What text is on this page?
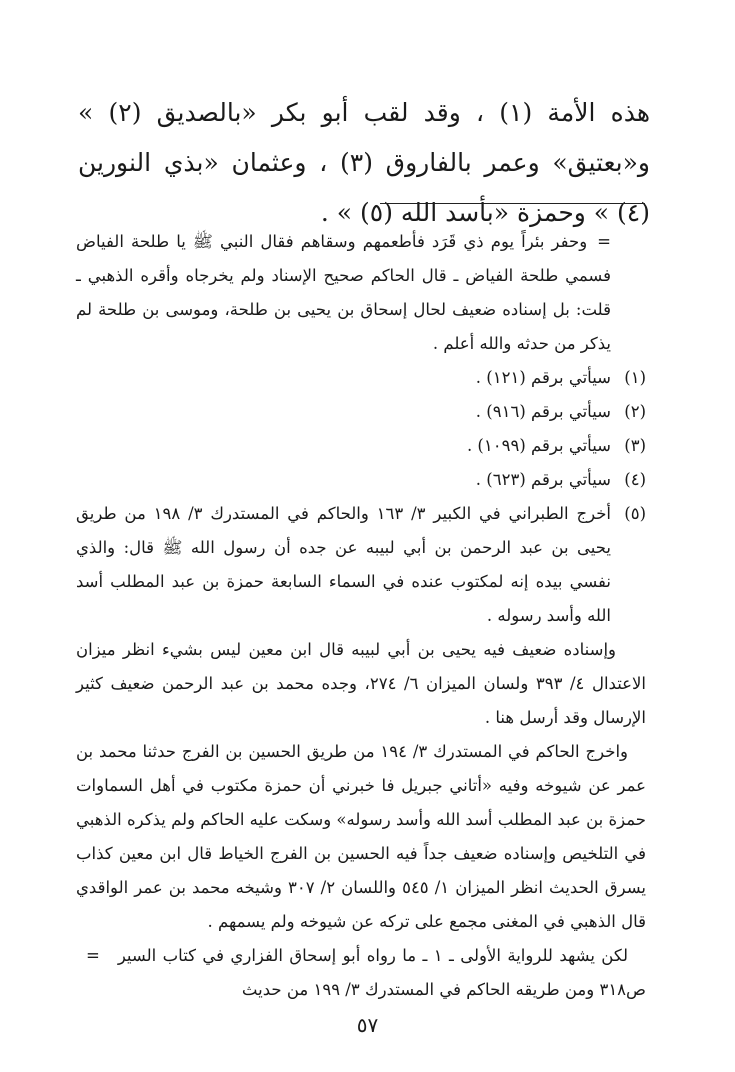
هذه الأمة (١) ، وقد لقب أبو بكر «بالصديق (٢) » و«بعتيق» وعمر بالفاروق (٣) ، وعثمان «بذي النورين (٤) » وحمزة «بأسد الله (٥) » .

=
وحفر بئراً يوم ذي قَرَد فأطعمهم وسقاهم فقال النبي ﷺ يا طلحة الفياض فسمي طلحة الفياض ـ قال الحاكم صحيح الإسناد ولم يخرجاه وأقره الذهبي ـ قلت: بل إسناده ضعيف لحال إسحاق بن يحيى بن طلحة، وموسى بن طلحة لم يذكر من حدثه والله أعلم .

(١)
سيأتي برقم (١٢١) .
(٢)
سيأتي برقم (٩١٦) .
(٣)
سيأتي برقم (١٠٩٩) .
(٤)
سيأتي برقم (٦٢٣) .
(٥)
أخرج الطبراني في الكبير ٣/ ١٦٣ والحاكم في المستدرك ٣/ ١٩٨ من طريق يحيى بن عبد الرحمن بن أبي لبيبه عن جده أن رسول الله ﷺ قال: والذي نفسي بيده إنه لمكتوب عنده في السماء السابعة حمزة بن عبد المطلب أسد الله وأسد رسوله .

وإسناده ضعيف فيه يحيى بن أبي لبيبه قال ابن معين ليس بشيء انظر ميزان الاعتدال ٤/ ٣٩٣ ولسان الميزان ٦/ ٢٧٤، وجده محمد بن عبد الرحمن ضعيف كثير الإرسال وقد أرسل هنا .

واخرج الحاكم في المستدرك ٣/ ١٩٤ من طريق الحسين بن الفرج حدثنا محمد بن عمر عن شيوخه وفيه «أتاني جبريل فا خبرني أن حمزة مكتوب في أهل السماوات حمزة بن عبد المطلب أسد الله وأسد رسوله» وسكت عليه الحاكم ولم يذكره الذهبي في التلخيص وإسناده ضعيف جداً فيه الحسين بن الفرج الخياط قال ابن معين كذاب يسرق الحديث انظر الميزان ١/ ٥٤٥ واللسان ٢/ ٣٠٧ وشيخه محمد بن عمر الواقدي قال الذهبي في المغنى مجمع على تركه عن شيوخه ولم يسمهم .

=	لكن يشهد للرواية الأولى ـ ١ ـ ما رواه أبو إسحاق الفزاري في كتاب السير ص٣١٨ ومن طريقه الحاكم في المستدرك ٣/ ١٩٩ من حديث

٥٧
